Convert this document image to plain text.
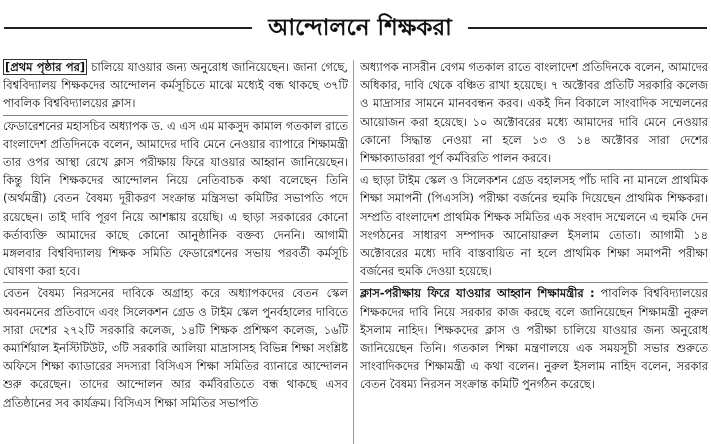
আন্দোলনে শিক্ষকরা

[প্রথম পৃষ্ঠার পর] চালিয়ে যাওয়ার জন্য অনুরোধ জানিয়েছেন। জানা গেছে, বিশ্ববিদ্যালয় শিক্ষকদের আন্দোলন কর্মসূচিতে মাঝে মধ্যেই বন্ধ থাকছে ৩৭টি পাবলিক বিশ্ববিদ্যালয়ের ক্লাস।

ফেডারেশনের মহাসচিব অধ্যাপক ড. এ এস এম মাকসুদ কামাল গতকাল রাতে বাংলাদেশ প্রতিদিনকে বলেন, আমাদের দাবি মেনে নেওয়ার ব্যাপারে শিক্ষামন্ত্রী তার ওপর আস্থা রেখে ক্লাস পরীক্ষায় ফিরে যাওয়ার আহ্বান জানিয়েছেন। কিন্তু যিনি শিক্ষকদের আন্দোলন নিয়ে নেতিবাচক কথা বলেছেন তিনি (অর্থমন্ত্রী) বেতন বৈষম্য দূরীকরণ সংক্রান্ত মন্ত্রিসভা কমিটির সভাপতি পদে রয়েছেন। তাই দাবি পূরণ নিয়ে আশঙ্কায় রয়েছি। এ ছাড়া সরকারের কোনো কর্তাব্যক্তি আমাদের কাছে কোনো আনুষ্ঠানিক বক্তব্য দেননি। আগামী মঙ্গলবার বিশ্ববিদ্যালয় শিক্ষক সমিতি ফেডারেশনের সভায় পরবর্তী কর্মসূচি ঘোষণা করা হবে।

বেতন বৈষম্য নিরসনের দাবিকে অগ্রাহ্য করে অধ্যাপকদের বেতন স্কেল অবনমনের প্রতিবাদে এবং সিলেকশন গ্রেড ও টাইম স্কেল পুনর্বহালের দাবিতে সারা দেশের ২৭২টি সরকারি কলেজ, ১৪টি শিক্ষক প্রশিক্ষণ কলেজ, ১৬টি কমার্শিয়াল ইনস্টিটিউট, ৩টি সরকারি আলিয়া মাদ্রাসাসহ বিভিন্ন শিক্ষা সংশ্লিষ্ট অফিসে শিক্ষা ক্যাডারের সদস্যরা বিসিএস শিক্ষা সমিতির ব্যানারে আন্দোলন শুরু করেছেন। তাদের আন্দোলন আর কর্মবিরতিতে বন্ধ থাকছে এসব প্রতিষ্ঠানের সব কার্যক্রম। বিসিএস শিক্ষা সমিতির সভাপতি

অধ্যাপক নাসরীন বেগম গতকাল রাতে বাংলাদেশ প্রতিদিনকে বলেন, আমাদের অধিকার, দাবি থেকে বঞ্চিত রাখা হয়েছে। ৭ অক্টোবর প্রতিটি সরকারি কলেজ ও মাদ্রাসার সামনে মানববন্ধন করব। একই দিন বিকালে সাংবাদিক সম্মেলনের আয়োজন করা হয়েছে। ১০ অক্টোবরের মধ্যে আমাদের দাবি মেনে নেওয়ার কোনো সিদ্ধান্ত নেওয়া না হলে ১৩ ও ১৪ অক্টোবর সারা দেশের শিক্ষাক্যাডাররা পূর্ণ কর্মবিরতি পালন করবে।

এ ছাড়া টাইম স্কেল ও সিলেকশন গ্রেড বহালসহ পাঁচ দাবি না মানলে প্রাথমিক শিক্ষা সমাপনী (পিএসসি) পরীক্ষা বর্জনের হুমকি দিয়েছেন প্রাথমিক শিক্ষকরা। সম্প্রতি বাংলাদেশ প্রাথমিক শিক্ষক সমিতির এক সংবাদ সম্মেলনে এ হুমকি দেন সংগঠনের সাধারণ সম্পাদক আনোয়ারুল ইসলাম তোতা। আগামী ১৪ অক্টোবরের মধ্যে দাবি বাস্তবায়িত না হলে প্রাথমিক শিক্ষা সমাপনী পরীক্ষা বর্জনের হুমকি দেওয়া হয়েছে।

ক্লাস-পরীক্ষায় ফিরে যাওয়ার আহ্বান শিক্ষামন্ত্রীর : পাবলিক বিশ্ববিদ্যালয়ের শিক্ষকদের দাবি নিয়ে সরকার কাজ করছে বলে জানিয়েছেন শিক্ষামন্ত্রী নুরুল ইসলাম নাহিদ। শিক্ষকদের ক্লাস ও পরীক্ষা চালিয়ে যাওয়ার জন্য অনুরোধ জানিয়েছেন তিনি। গতকাল শিক্ষা মন্ত্রণালয়ে এক সময়সূচী সভার শুরুতে সাংবাদিকদের শিক্ষামন্ত্রী এ কথা বলেন। নুরুল ইসলাম নাহিদ বলেন, সরকার বেতন বৈষম্য নিরসন সংক্রান্ত কমিটি পুনর্গঠন করেছে।
